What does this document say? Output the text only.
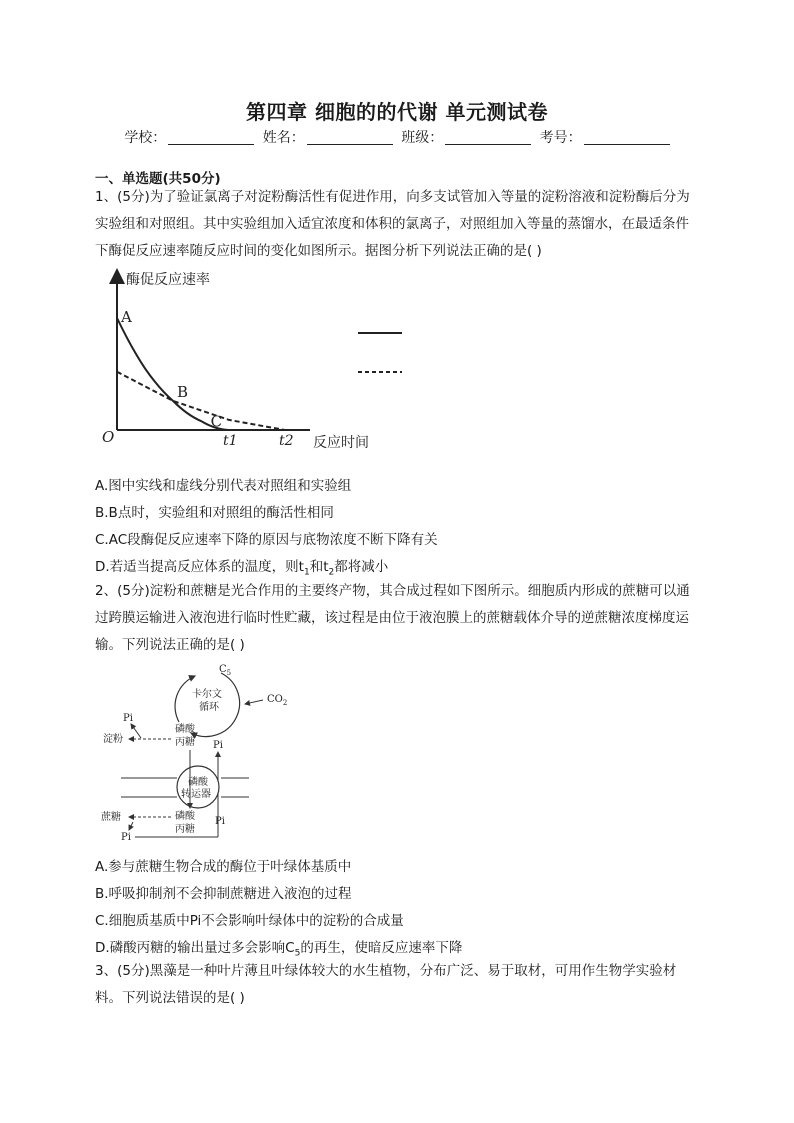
第四章 细胞的的代谢 单元测试卷
学校：	姓名：	班级：	考号：
一、单选题(共50分)
1、(5分)为了验证氯离子对淀粉酶活性有促进作用，向多支试管加入等量的淀粉溶液和淀粉酶后分为实验组和对照组。其中实验组加入适宜浓度和体积的氯离子，对照组加入等量的蒸馏水，在最适条件下酶促反应速率随反应时间的变化如图所示。据图分析下列说法正确的是( )
酶促反应速率
反应时间
O
A
B
C
t1	t2
A.图中实线和虚线分别代表对照组和实验组
B.B点时，实验组和对照组的酶活性相同
C.AC段酶促反应速率下降的原因与底物浓度不断下降有关
D.若适当提高反应体系的温度，则$t_1$和$t_2$都将减小
2、(5分)淀粉和蔗糖是光合作用的主要终产物，其合成过程如下图所示。细胞质内形成的蔗糖可以通过跨膜运输进入液泡进行临时性贮藏，该过程是由位于液泡膜上的蔗糖载体介导的逆蔗糖浓度梯度运输。下列说法正确的是( )
$C_5$
卡尔文
循环
$CO_2$
磷酸
丙糖
Pi
淀粉
Pi
磷酸
转运器
磷酸
丙糖
蔗糖	Pi
Pi
A.参与蔗糖生物合成的酶位于叶绿体基质中
B.呼吸抑制剂不会抑制蔗糖进入液泡的过程
C.细胞质基质中Pi不会影响叶绿体中的淀粉的合成量
D.磷酸丙糖的输出量过多会影响$C_5$的再生，使暗反应速率下降
3、(5分)黑藻是一种叶片薄且叶绿体较大的水生植物，分布广泛、易于取材，可用作生物学实验材料。下列说法错误的是( )
